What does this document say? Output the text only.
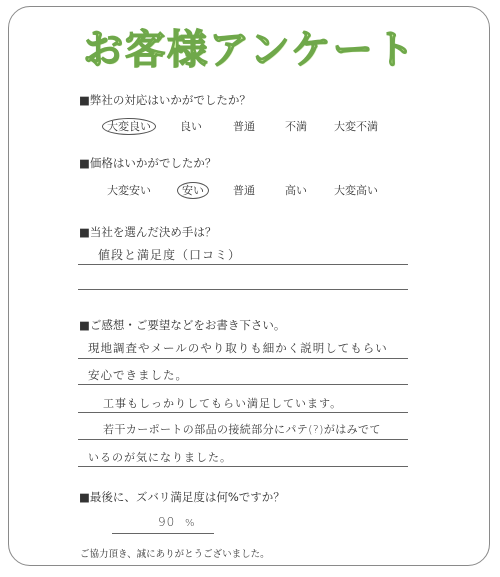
お客様アンケート
■弊社の対応はいかがでしたか？
大変良い	良い	普通	不満 大変不満
■価格はいかがでしたか？
大変安い	安い	普通	高い 大変高い
■当社を選んだ決め手は？
値段と満足度（口コミ）
■ご感想・ご要望などをお書き下さい。
現地調査やメールのやり取りも細かく説明してもらい
安心できました。
工事もしっかりしてもらい満足しています。
若干カーポートの部品の接続部分にパテ(?)がはみでて
いるのが気になりました。
■最後に、ズバリ満足度は何%ですか？
90 %
ご協力頂き、誠にありがとうございました。
